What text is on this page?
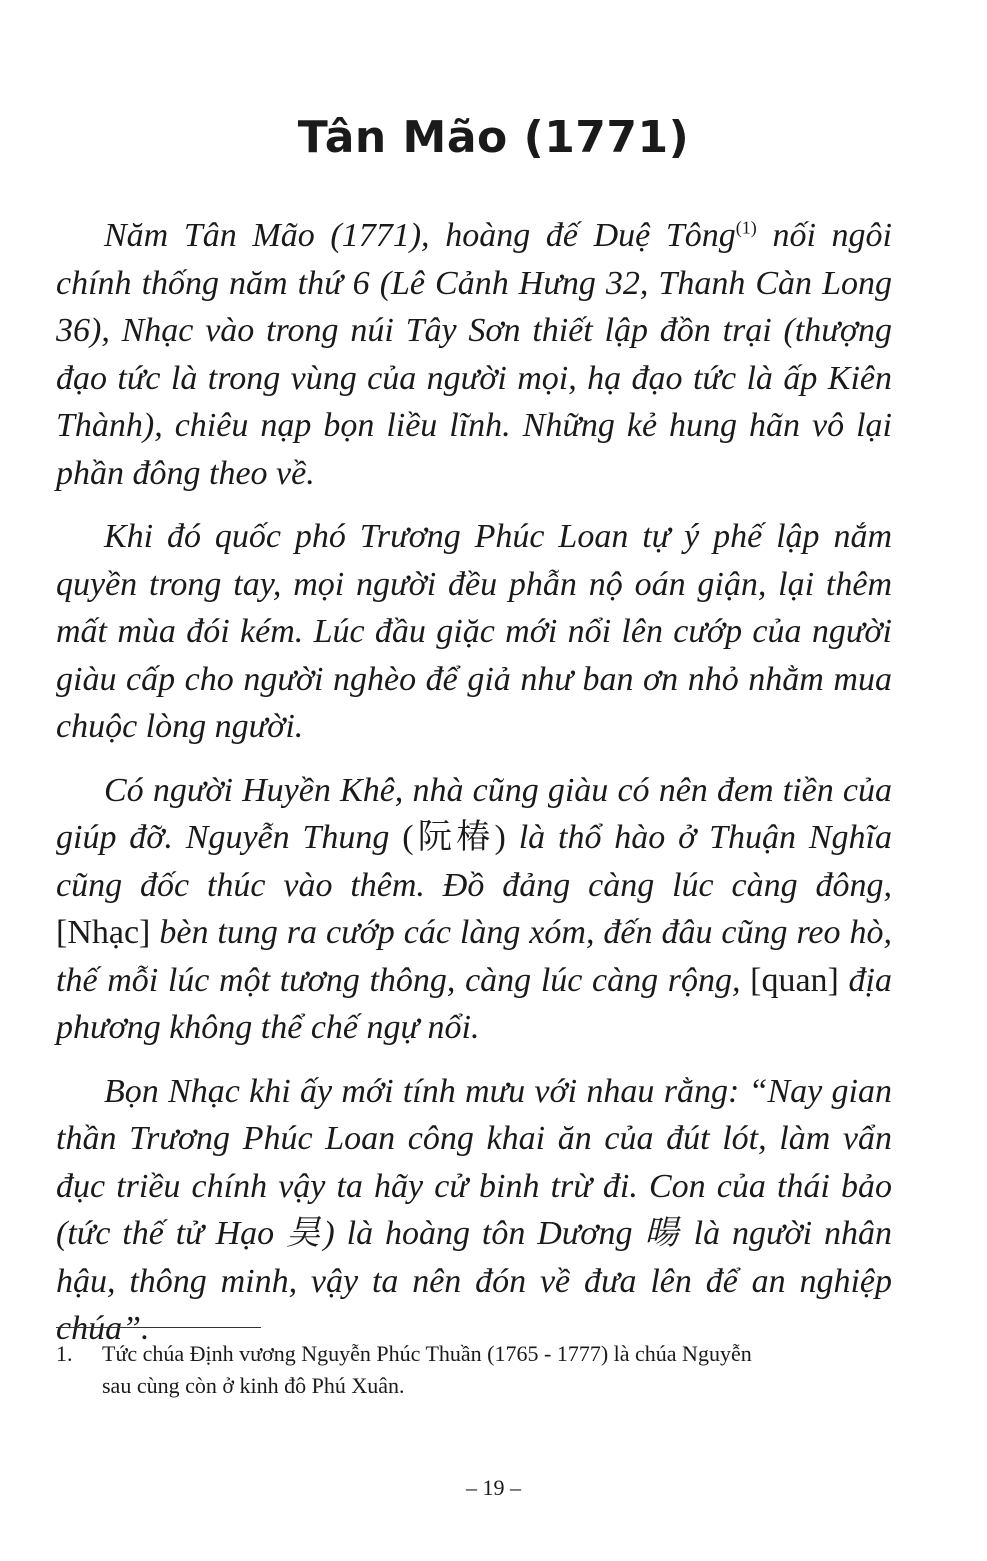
Tân Mão (1771)

Năm Tân Mão (1771), hoàng đế Duệ Tông$^{(1)}$ nối ngôi chính thống năm thứ 6 (Lê Cảnh Hưng 32, Thanh Càn Long 36), Nhạc vào trong núi Tây Sơn thiết lập đồn trại (thượng đạo tức là trong vùng của người mọi, hạ đạo tức là ấp Kiên Thành), chiêu nạp bọn liều lĩnh. Những kẻ hung hãn vô lại phần đông theo về.

Khi đó quốc phó Trương Phúc Loan tự ý phế lập nắm quyền trong tay, mọi người đều phẫn nộ oán giận, lại thêm mất mùa đói kém. Lúc đầu giặc mới nổi lên cướp của người giàu cấp cho người nghèo để giả như ban ơn nhỏ nhằm mua chuộc lòng người.

Có người Huyền Khê, nhà cũng giàu có nên đem tiền của giúp đỡ. Nguyễn Thung (阮椿) là thổ hào ở Thuận Nghĩa cũng đốc thúc vào thêm. Đồ đảng càng lúc càng đông, [Nhạc] bèn tung ra cướp các làng xóm, đến đâu cũng reo hò, thế mỗi lúc một tương thông, càng lúc càng rộng, [quan] địa phương không thể chế ngự nổi.

Bọn Nhạc khi ấy mới tính mưu với nhau rằng: “Nay gian thần Trương Phúc Loan công khai ăn của đút lót, làm vẩn đục triều chính vậy ta hãy cử binh trừ đi. Con của thái bảo (tức thế tử Hạo 昊) là hoàng tôn Dương 暘 là người nhân hậu, thông minh, vậy ta nên đón về đưa lên để an nghiệp chúa”.

1. Tức chúa Định vương Nguyễn Phúc Thuần (1765 - 1777) là chúa Nguyễn
sau cùng còn ở kinh đô Phú Xuân.
– 19 –
